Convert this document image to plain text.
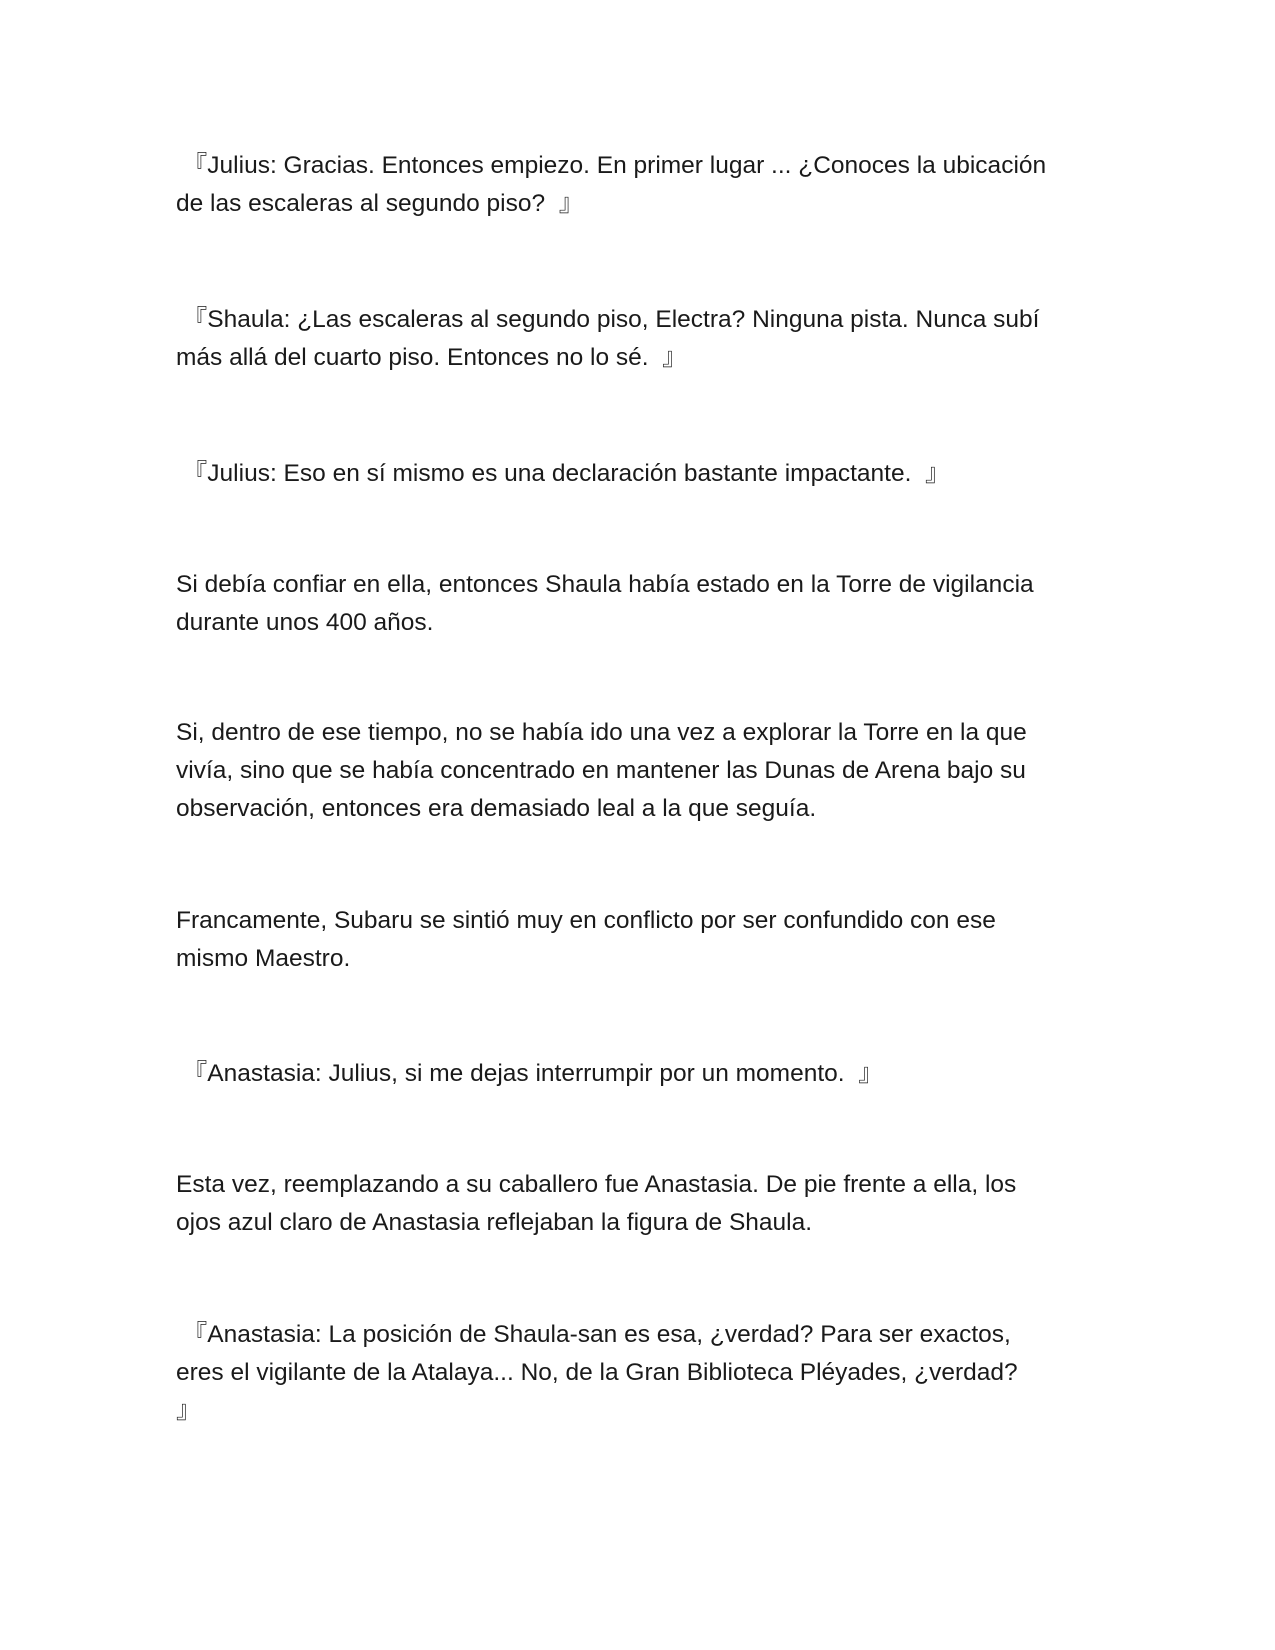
『Julius: Gracias. Entonces empiezo. En primer lugar ... ¿Conoces la ubicación
de las escaleras al segundo piso?  』

『Shaula: ¿Las escaleras al segundo piso, Electra? Ninguna pista. Nunca subí
más allá del cuarto piso. Entonces no lo sé.  』

『Julius: Eso en sí mismo es una declaración bastante impactante.  』

Si debía confiar en ella, entonces Shaula había estado en la Torre de vigilancia
durante unos 400 años.

Si, dentro de ese tiempo, no se había ido una vez a explorar la Torre en la que
vivía, sino que se había concentrado en mantener las Dunas de Arena bajo su
observación, entonces era demasiado leal a la que seguía.

Francamente, Subaru se sintió muy en conflicto por ser confundido con ese
mismo Maestro.

『Anastasia: Julius, si me dejas interrumpir por un momento.  』

Esta vez, reemplazando a su caballero fue Anastasia. De pie frente a ella, los
ojos azul claro de Anastasia reflejaban la figura de Shaula.

『Anastasia: La posición de Shaula-san es esa, ¿verdad? Para ser exactos,
eres el vigilante de la Atalaya... No, de la Gran Biblioteca Pléyades, ¿verdad?
』
